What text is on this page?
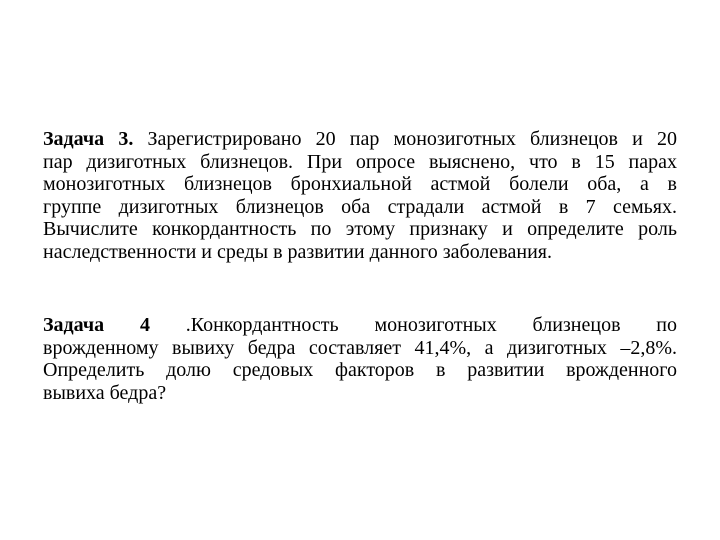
Задача 3. Зарегистрировано 20 пар монозиготных близнецов и 20
пар дизиготных близнецов. При опросе выяснено, что в 15 парах
монозиготных близнецов бронхиальной астмой болели оба, а в
группе дизиготных близнецов оба страдали астмой в 7 семьях.
Вычислите конкордантность по этому признаку и определите роль
наследственности и среды в развитии данного заболевания.
Задача 4 .Конкордантность монозиготных близнецов по
врожденному вывиху бедра составляет 41,4%, а дизиготных –2,8%.
Определить долю средовых факторов в развитии врожденного
вывиха бедра?
